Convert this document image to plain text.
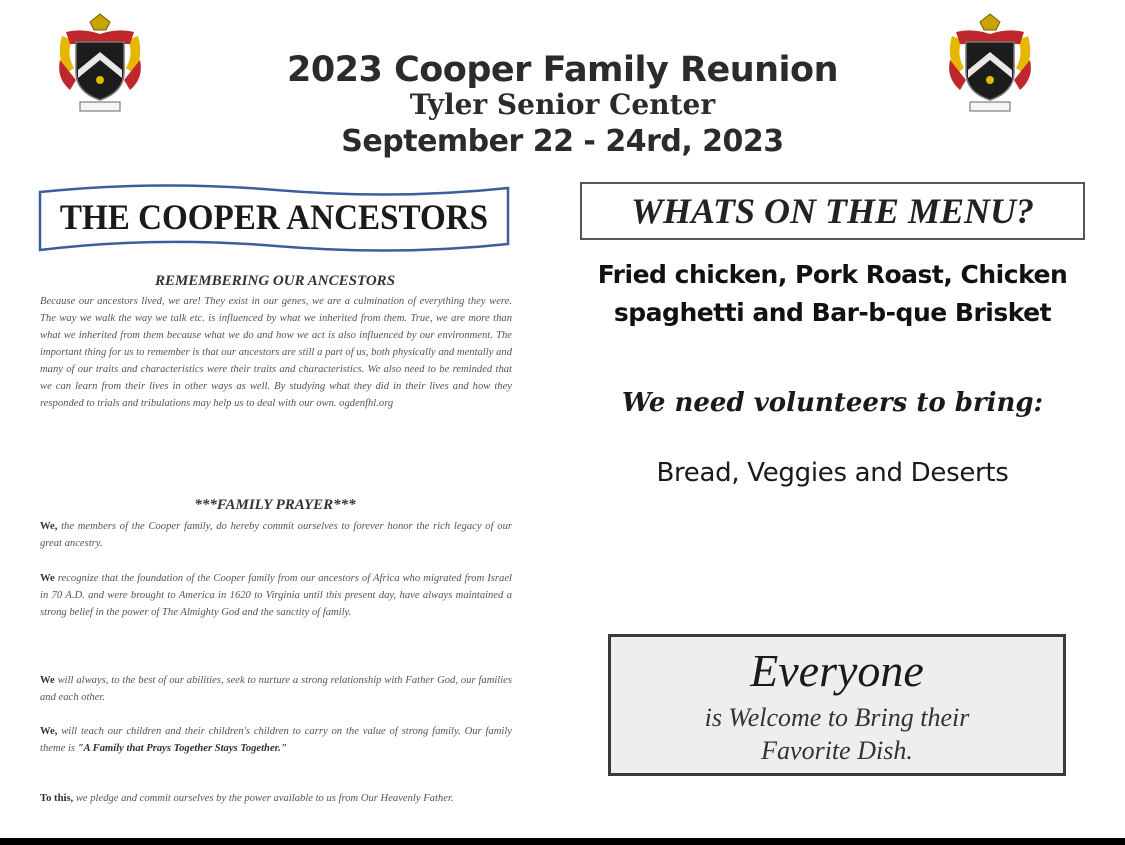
2023 Cooper Family Reunion
Tyler Senior Center
September 22 - 24rd, 2023
THE COOPER ANCESTORS
REMEMBERING OUR ANCESTORS
Because our ancestors lived, we are! They exist in our genes, we are a culmination of everything they were. The way we walk the way we talk etc. is influenced by what we inherited from them. True, we are more than what we inherited from them because what we do and how we act is also influenced by our environment. The important thing for us to remember is that our ancestors are still a part of us, both physically and mentally and many of our traits and characteristics were their traits and characteristics. We also need to be reminded that we can learn from their lives in other ways as well. By studying what they did in their lives and how they responded to trials and tribulations may help us to deal with our own. ogdenfhl.org
***FAMILY PRAYER***
We, the members of the Cooper family, do hereby commit ourselves to forever honor the rich legacy of our great ancestry.
We recognize that the foundation of the Cooper family from our ancestors of Africa who migrated from Israel in 70 A.D. and were brought to America in 1620 to Virginia until this present day, have always maintained a strong belief in the power of The Almighty God and the sanctity of family.
We will always, to the best of our abilities, seek to nurture a strong relationship with Father God, our families and each other.
We, will teach our children and their children's children to carry on the value of strong family. Our family theme is "A Family that Prays Together Stays Together."
To this, we pledge and commit ourselves by the power available to us from Our Heavenly Father.
WHATS ON THE MENU?
Fried chicken, Pork Roast, Chicken
spaghetti and Bar-b-que Brisket
We need volunteers to bring:
Bread, Veggies and Deserts
Everyone
is Welcome to Bring their
Favorite Dish.
